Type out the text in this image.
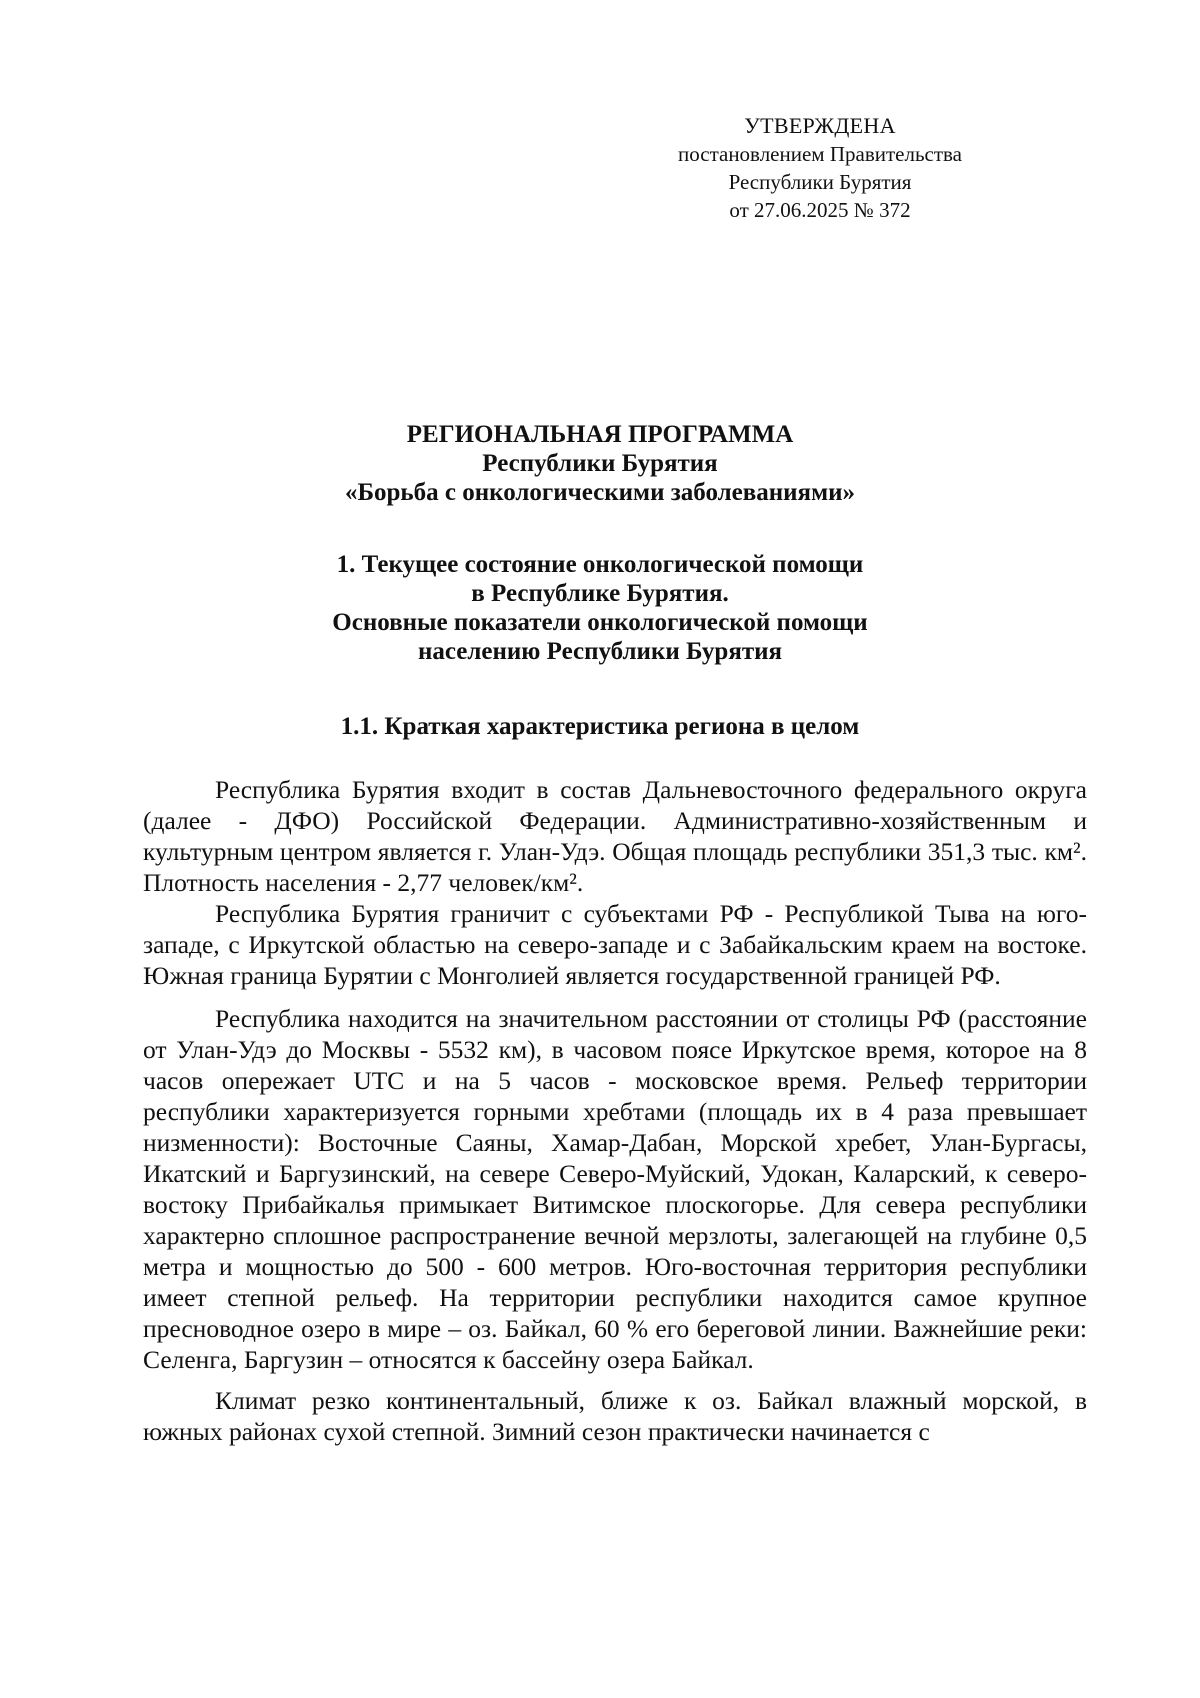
УТВЕРЖДЕНА
постановлением Правительства
Республики Бурятия
от 27.06.2025 № 372
РЕГИОНАЛЬНАЯ ПРОГРАММА
Республики Бурятия
«Борьба с онкологическими заболеваниями»
1. Текущее состояние онкологической помощи
в Республике Бурятия.
Основные показатели онкологической помощи
населению Республики Бурятия
1.1. Краткая характеристика региона в целом

Республика Бурятия входит в состав Дальневосточного федерального округа (далее - ДФО) Российской Федерации. Административно-хозяйственным и культурным центром является г. Улан-Удэ. Общая площадь республики 351,3 тыс. км². Плотность населения - 2,77 человек/км².

Республика Бурятия граничит с субъектами РФ - Республикой Тыва на юго-западе, с Иркутской областью на северо-западе и с Забайкальским краем на востоке. Южная граница Бурятии с Монголией является государственной границей РФ.

Республика находится на значительном расстоянии от столицы РФ (расстояние от Улан-Удэ до Москвы - 5532 км), в часовом поясе Иркутское время, которое на 8 часов опережает UTC и на 5 часов - московское время. Рельеф территории республики характеризуется горными хребтами (площадь их в 4 раза превышает низменности): Восточные Саяны, Хамар-Дабан, Морской хребет, Улан-Бургасы, Икатский и Баргузинский, на севере Северо-Муйский, Удокан, Каларский, к северо-востоку Прибайкалья примыкает Витимское плоскогорье. Для севера республики характерно сплошное распространение вечной мерзлоты, залегающей на глубине 0,5 метра и мощностью до 500 - 600 метров. Юго-восточная территория республики имеет степной рельеф. На территории республики находится самое крупное пресноводное озеро в мире – оз. Байкал, 60 % его береговой линии. Важнейшие реки: Селенга, Баргузин – относятся к бассейну озера Байкал.

Климат резко континентальный, ближе к оз. Байкал влажный морской, в южных районах сухой степной. Зимний сезон практически начинается с
